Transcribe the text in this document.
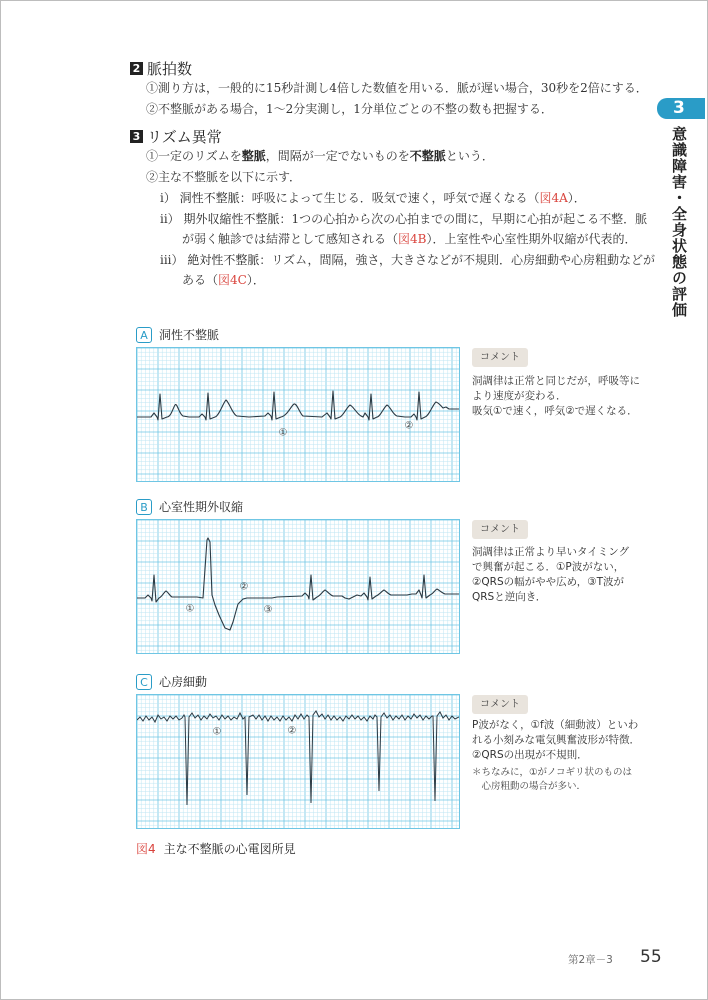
3
意識障害・全身状態の評価
2 脈拍数
①測り方は，一般的に15秒計測し4倍した数値を用いる．脈が遅い場合，30秒を2倍にする．
②不整脈がある場合，1～2分実測し，1分単位ごとの不整の数も把握する．
3 リズム異常
①一定のリズムを整脈，間隔が一定でないものを不整脈という．
②主な不整脈を以下に示す．
i） 洞性不整脈：呼吸によって生じる．吸気で速く，呼気で遅くなる（図4A）．
ii） 期外収縮性不整脈：1つの心拍から次の心拍までの間に，早期に心拍が起こる不整．脈
が弱く触診では結滞として感知される（図4B）．上室性や心室性期外収縮が代表的．
iii） 絶対性不整脈：リズム，間隔，強さ，大きさなどが不規則．心房細動や心房粗動などが
ある（図4C）．
A 洞性不整脈
①
②
コメント
洞調律は正常と同じだが，呼吸等に
より速度が変わる．
吸気①で速く，呼気②で遅くなる．
B 心室性期外収縮
①
②
③
コメント
洞調律は正常より早いタイミング
で興奮が起こる．①P波がない，
②QRSの幅がやや広め，③T波が
QRSと逆向き．
C 心房細動
①	②
コメント
P波がなく，①f波（細動波）といわ
れる小刻みな電気興奮波形が特徴．
②QRSの出現が不規則．
＊ちなみに，①がノコギリ状のものは
　心房粗動の場合が多い．
図4 主な不整脈の心電図所見
第2章－3 55
